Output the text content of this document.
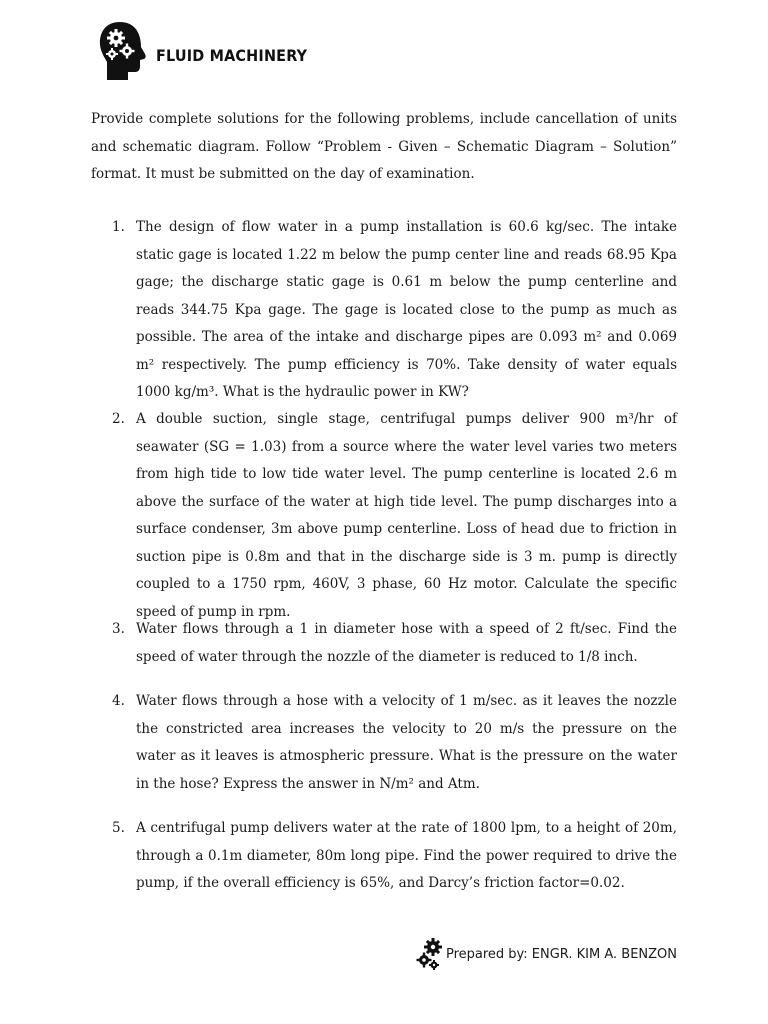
FLUID MACHINERY

Provide complete solutions for the following problems, include cancellation of units and schematic diagram. Follow “Problem - Given – Schematic Diagram – Solution” format. It must be submitted on the day of examination.

1. The design of flow water in a pump installation is 60.6 kg/sec. The intake static gage is located 1.22 m below the pump center line and reads 68.95 Kpa gage; the discharge static gage is 0.61 m below the pump centerline and reads 344.75 Kpa gage. The gage is located close to the pump as much as possible. The area of the intake and discharge pipes are 0.093 m² and 0.069 m² respectively. The pump efficiency is 70%. Take density of water equals 1000 kg/m³. What is the hydraulic power in KW?
2. A double suction, single stage, centrifugal pumps deliver 900 m³/hr of seawater (SG = 1.03) from a source where the water level varies two meters from high tide to low tide water level. The pump centerline is located 2.6 m above the surface of the water at high tide level. The pump discharges into a surface condenser, 3m above pump centerline. Loss of head due to friction in suction pipe is 0.8m and that in the discharge side is 3 m. pump is directly coupled to a 1750 rpm, 460V, 3 phase, 60 Hz motor. Calculate the specific speed of pump in rpm.
3. Water flows through a 1 in diameter hose with a speed of 2 ft/sec. Find the speed of water through the nozzle of the diameter is reduced to 1/8 inch.
4. Water flows through a hose with a velocity of 1 m/sec. as it leaves the nozzle the constricted area increases the velocity to 20 m/s the pressure on the water as it leaves is atmospheric pressure. What is the pressure on the water in the hose? Express the answer in N/m² and Atm.
5. A centrifugal pump delivers water at the rate of 1800 lpm, to a height of 20m, through a 0.1m diameter, 80m long pipe. Find the power required to drive the pump, if the overall efficiency is 65%, and Darcy’s friction factor=0.02.
Prepared by: ENGR. KIM A. BENZON
